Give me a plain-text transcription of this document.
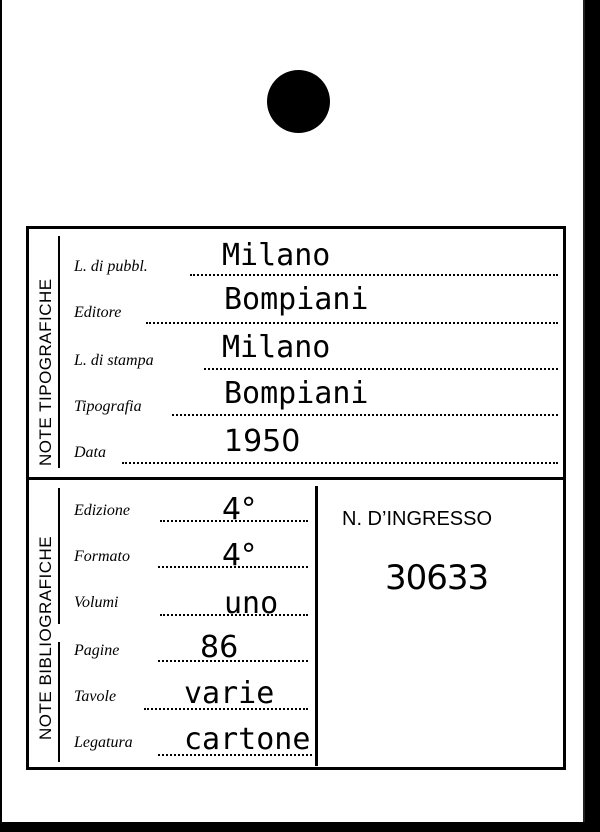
NOTE TIPOGRAFICHE
L. di pubbl. Milano
Editore	Bompiani
L. di stampa Milano
Tipografia	Bompiani
Data	1950
NOTE BIBLIOGRAFICHE
Edizione	4°
Formato	4°
Volumi	uno
Pagine	86
Tavole varie
Legatura cartone
N. D’INGRESSO
30633
